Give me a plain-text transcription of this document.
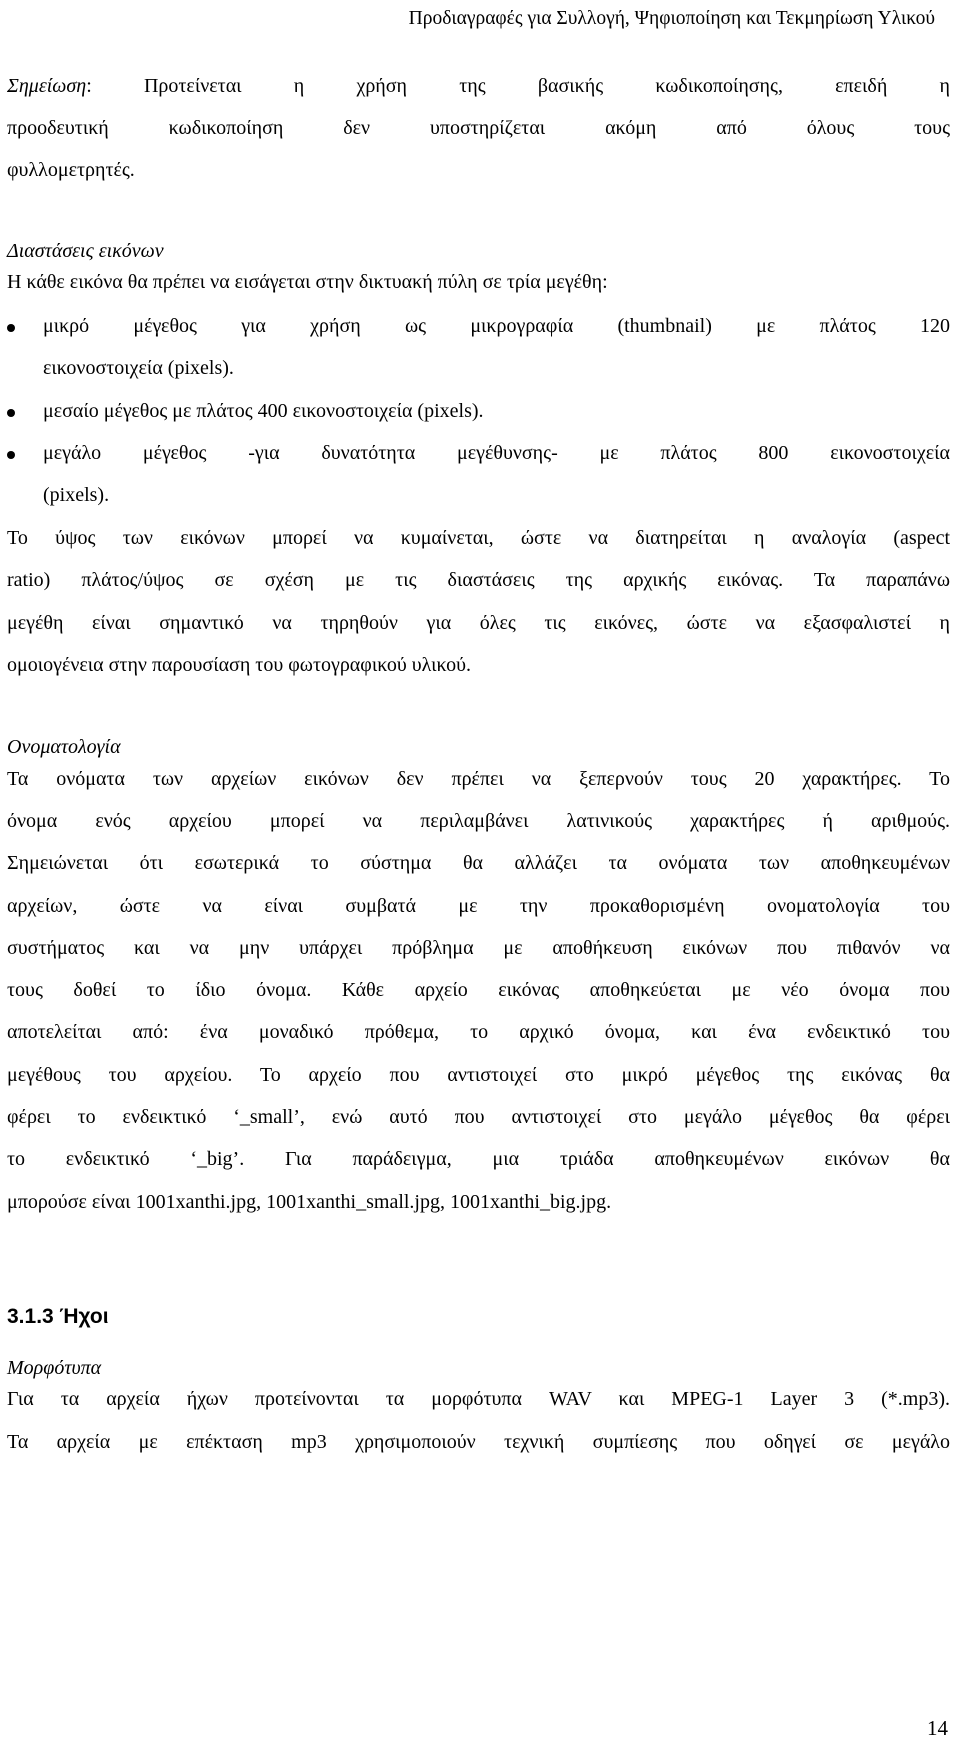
Προδιαγραφές για Συλλογή, Ψηφιοποίηση και Τεκμηρίωση Υλικού
Σημείωση: Προτείνεται η χρήση της βασικής κωδικοποίησης, επειδή η
προοδευτική κωδικοποίηση δεν υποστηρίζεται ακόμη από όλους τους
φυλλομετρητές.
Διαστάσεις εικόνων
Η κάθε εικόνα θα πρέπει να εισάγεται στην δικτυακή πύλη σε τρία μεγέθη:
μικρό μέγεθος για χρήση ως μικρογραφία (thumbnail) με πλάτος 120
εικονοστοιχεία (pixels).
μεσαίο μέγεθος με πλάτος 400 εικονοστοιχεία (pixels).
μεγάλο μέγεθος -για δυνατότητα μεγέθυνσης- με πλάτος 800 εικονοστοιχεία
(pixels).
Το ύψος των εικόνων μπορεί να κυμαίνεται, ώστε να διατηρείται η αναλογία (aspect
ratio) πλάτος/ύψος σε σχέση με τις διαστάσεις της αρχικής εικόνας. Τα παραπάνω
μεγέθη είναι σημαντικό να τηρηθούν για όλες τις εικόνες, ώστε να εξασφαλιστεί η
ομοιογένεια στην παρουσίαση του φωτογραφικού υλικού.
Ονοματολογία
Τα ονόματα των αρχείων εικόνων δεν πρέπει να ξεπερνούν τους 20 χαρακτήρες. Το
όνομα ενός αρχείου μπορεί να περιλαμβάνει λατινικούς χαρακτήρες ή αριθμούς.
Σημειώνεται ότι εσωτερικά το σύστημα θα αλλάζει τα ονόματα των αποθηκευμένων
αρχείων, ώστε να είναι συμβατά με την προκαθορισμένη ονοματολογία του
συστήματος και να μην υπάρχει πρόβλημα με αποθήκευση εικόνων που πιθανόν να
τους δοθεί το ίδιο όνομα. Κάθε αρχείο εικόνας αποθηκεύεται με νέο όνομα που
αποτελείται από: ένα μοναδικό πρόθεμα, το αρχικό όνομα, και ένα ενδεικτικό του
μεγέθους του αρχείου. Το αρχείο που αντιστοιχεί στο μικρό μέγεθος της εικόνας θα
φέρει το ενδεικτικό ‘_small’, ενώ αυτό που αντιστοιχεί στο μεγάλο μέγεθος θα φέρει
το ενδεικτικό ‘_big’. Για παράδειγμα, μια τριάδα αποθηκευμένων εικόνων θα
μπορούσε είναι 1001xanthi.jpg, 1001xanthi_small.jpg, 1001xanthi_big.jpg.
3.1.3 Ήχοι
Μορφότυπα
Για τα αρχεία ήχων προτείνονται τα μορφότυπα WAV και MPEG-1 Layer 3 (*.mp3).
Τα αρχεία με επέκταση mp3 χρησιμοποιούν τεχνική συμπίεσης που οδηγεί σε μεγάλο
14
